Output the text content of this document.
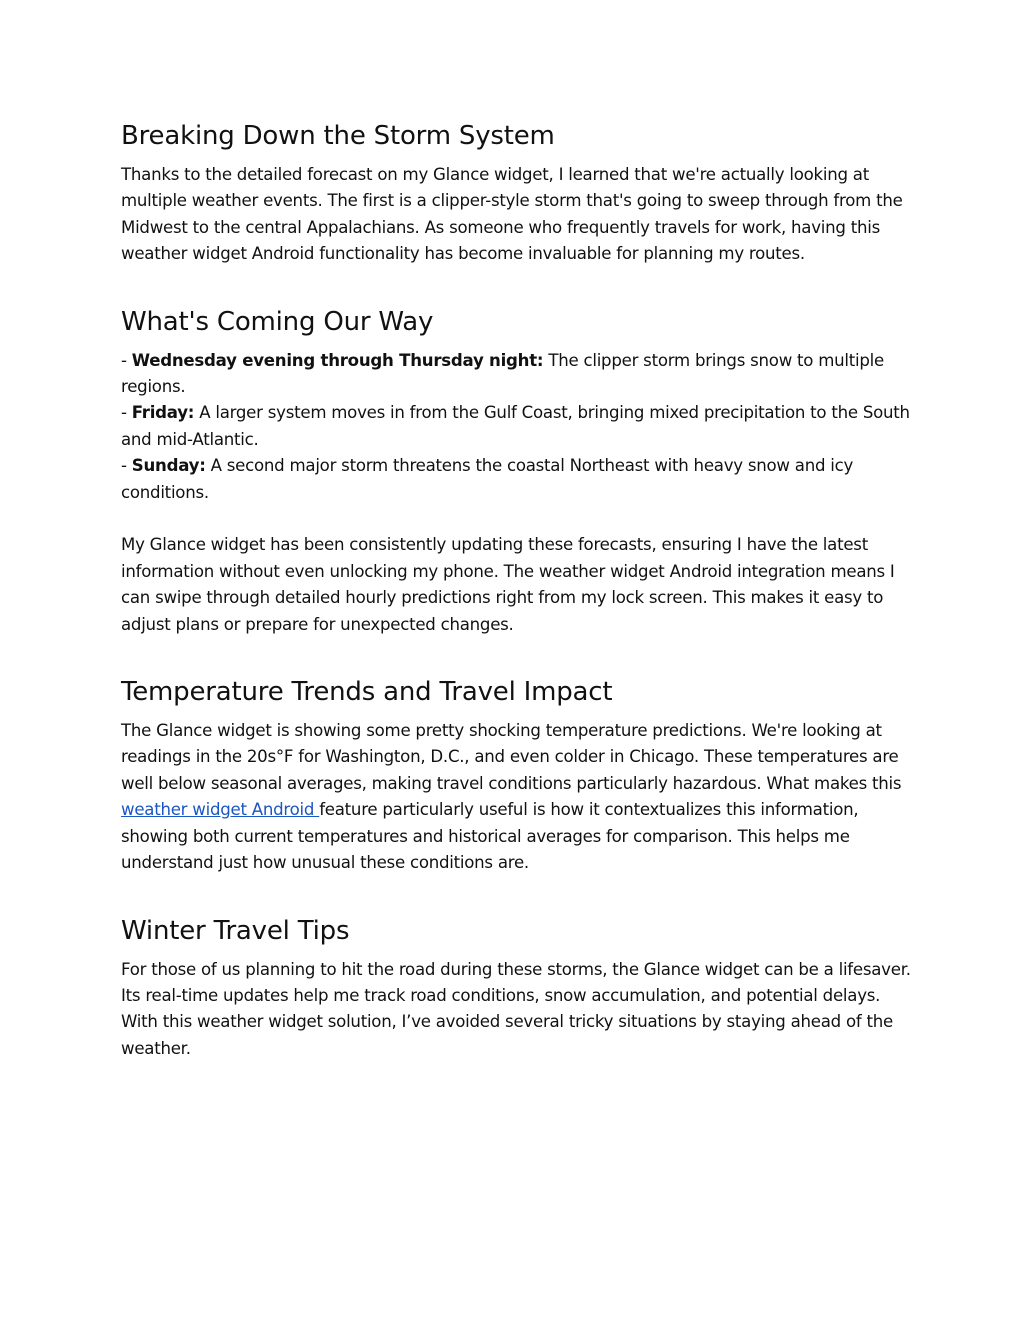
Breaking Down the Storm System

Thanks to the detailed forecast on my Glance widget, I learned that we're actually looking at multiple weather events. The first is a clipper-style storm that's going to sweep through from the Midwest to the central Appalachians. As someone who frequently travels for work, having this weather widget Android functionality has become invaluable for planning my routes.

What's Coming Our Way

- Wednesday evening through Thursday night: The clipper storm brings snow to multiple regions.

- Friday: A larger system moves in from the Gulf Coast, bringing mixed precipitation to the South and mid-Atlantic.

- Sunday: A second major storm threatens the coastal Northeast with heavy snow and icy conditions.

My Glance widget has been consistently updating these forecasts, ensuring I have the latest information without even unlocking my phone. The weather widget Android integration means I can swipe through detailed hourly predictions right from my lock screen. This makes it easy to adjust plans or prepare for unexpected changes.

Temperature Trends and Travel Impact

The Glance widget is showing some pretty shocking temperature predictions. We're looking at readings in the 20s°F for Washington, D.C., and even colder in Chicago. These temperatures are well below seasonal averages, making travel conditions particularly hazardous. What makes this weather widget Android feature particularly useful is how it contextualizes this information, showing both current temperatures and historical averages for comparison. This helps me understand just how unusual these conditions are.

Winter Travel Tips

For those of us planning to hit the road during these storms, the Glance widget can be a lifesaver. Its real-time updates help me track road conditions, snow accumulation, and potential delays. With this weather widget solution, I’ve avoided several tricky situations by staying ahead of the weather.
